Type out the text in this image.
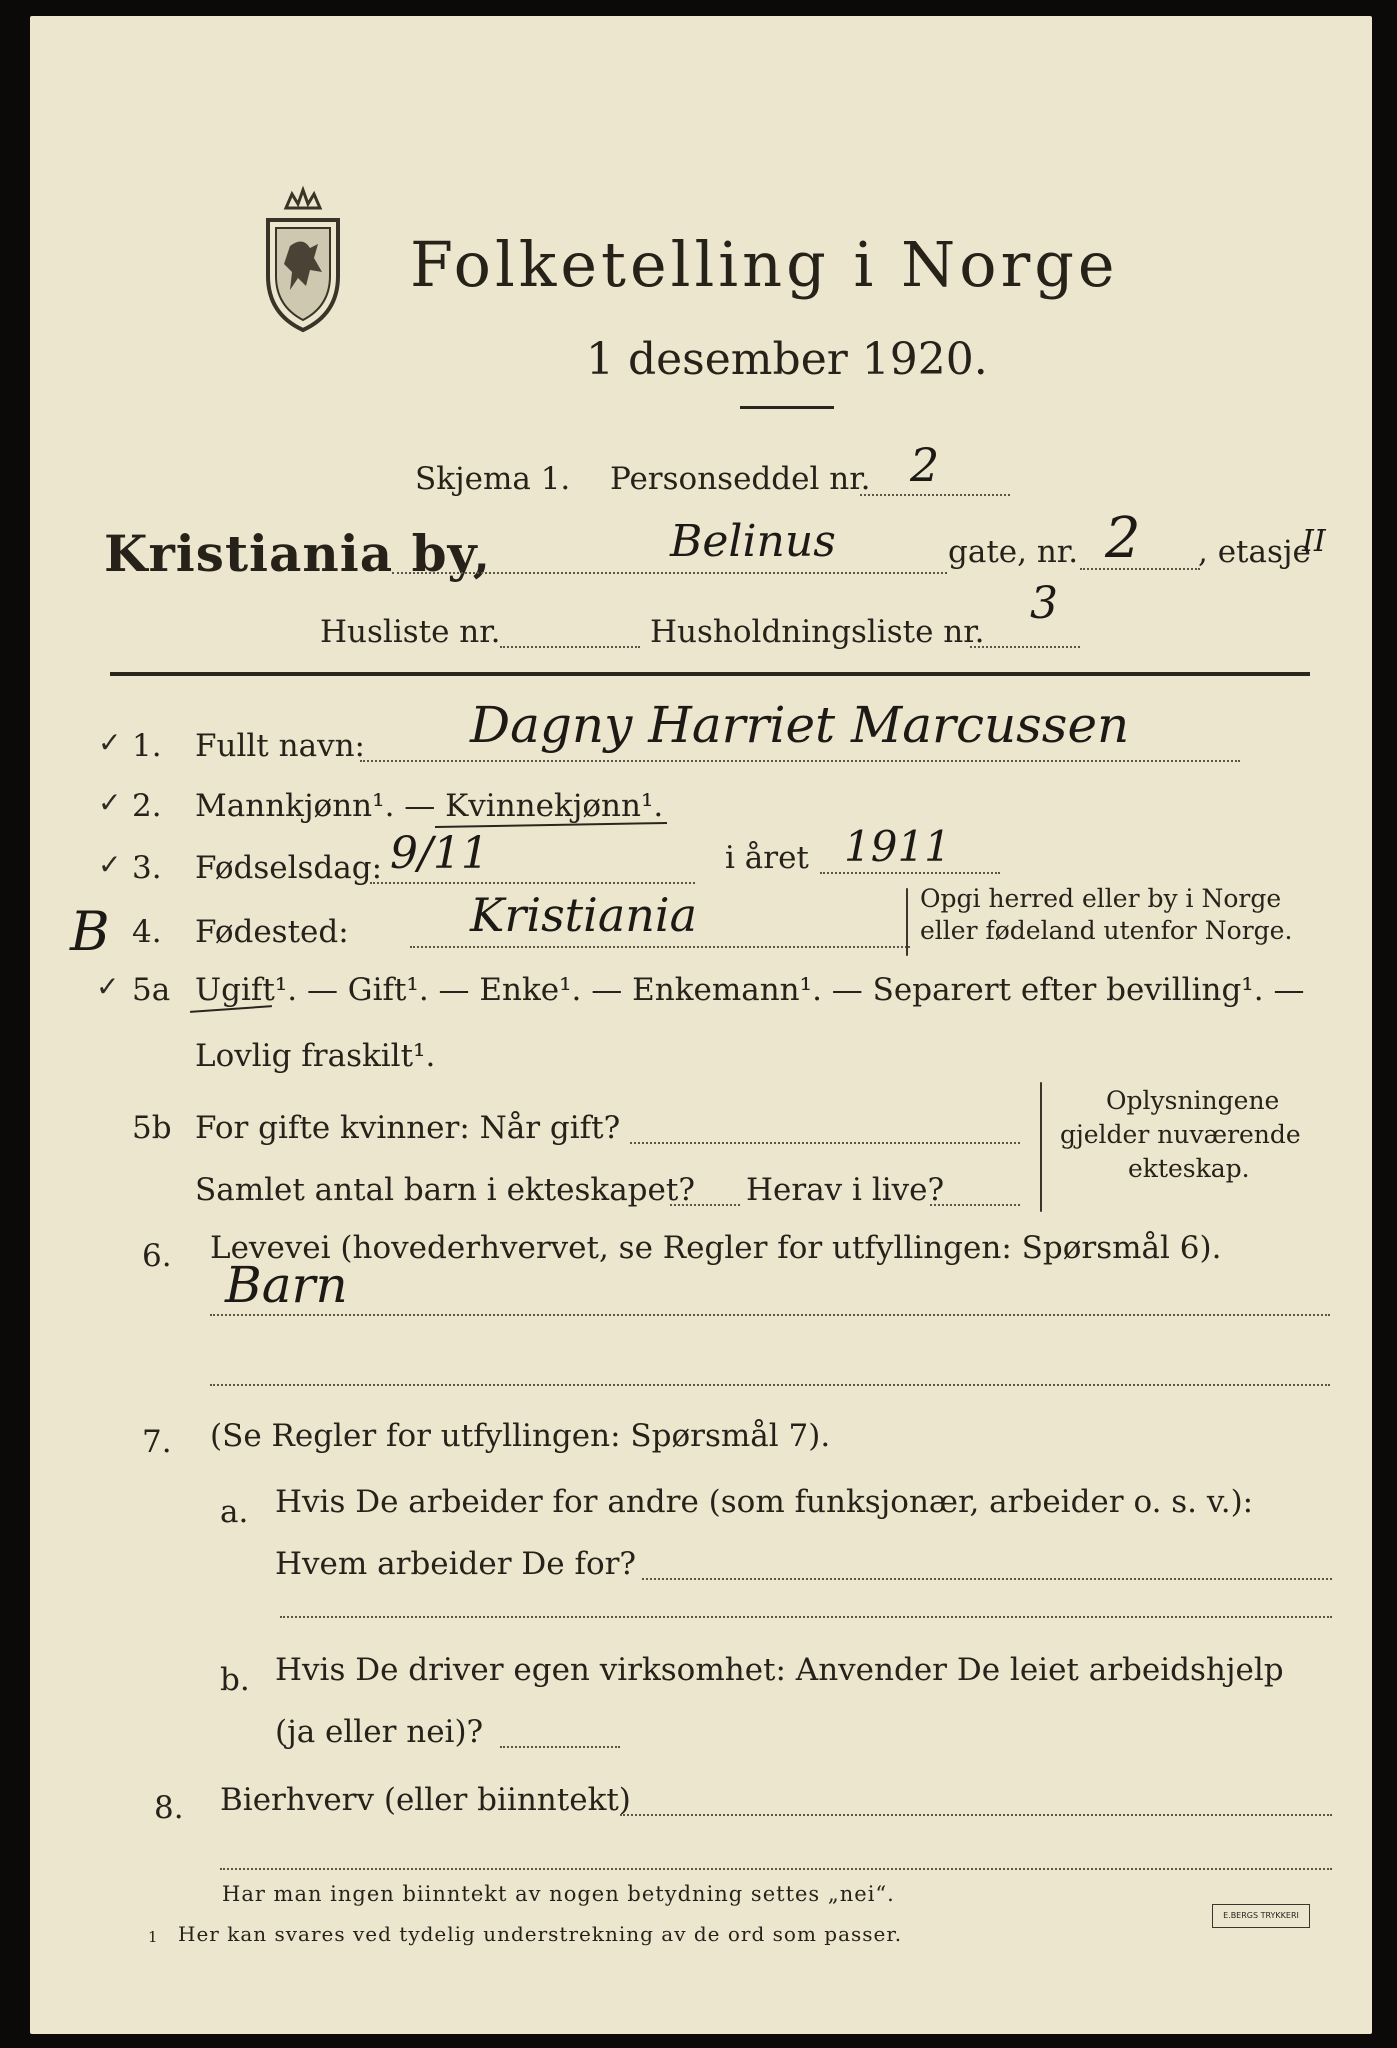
Folketelling i Norge
1 desember 1920.
Skjema 1. Personseddel nr. 2
Kristiania by,	Belinus	gate, nr. 2 , etasje
II
Husliste nr.	Husholdningsliste nr.
3
✓ 1. Fullt navn: Dagny Harriet Marcussen
✓ 2. Mannkjønn¹. — Kvinnekjønn¹.
✓ 3. Fødselsdag: 9/11	i året 1911
B 4. Fødested:	Kristiania	Opgi herred eller by i Norge
eller fødeland utenfor Norge.
✓ 5a Ugift¹. — Gift¹. — Enke¹. — Enkemann¹. — Separert efter bevilling¹. —
Lovlig fraskilt¹.
5b For gifte kvinner: Når gift?
Samlet antal barn i ekteskapet? Herav i live?
Oplysningene
gjelder nuværende
ekteskap.
6. Levevei (hovederhvervet, se Regler for utfyllingen: Spørsmål 6).
Barn
7. (Se Regler for utfyllingen: Spørsmål 7).
a. Hvis De arbeider for andre (som funksjonær, arbeider o. s. v.):
Hvem arbeider De for?
b. Hvis De driver egen virksomhet: Anvender De leiet arbeidshjelp
(ja eller nei)?
8. Bierhverv (eller biinntekt)
Har man ingen biinntekt av nogen betydning settes „nei“.
1 Her kan svares ved tydelig understrekning av de ord som passer.
E.BERGS TRYKKERI
